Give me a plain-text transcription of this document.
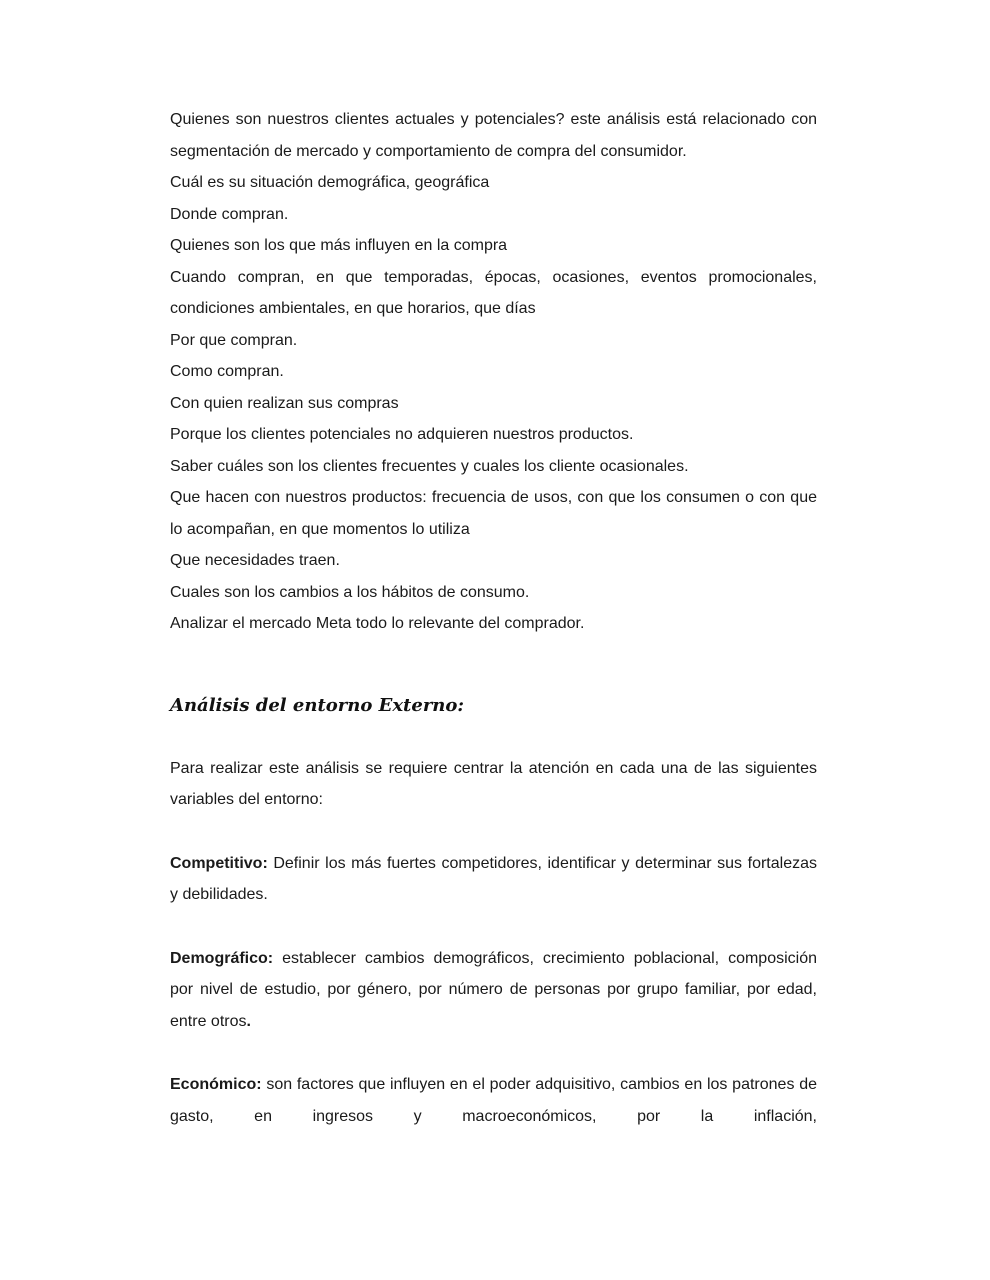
Quienes son nuestros clientes actuales y potenciales? este análisis está relacionado con segmentación de mercado y comportamiento de compra del consumidor.

Cuál es su situación demográfica, geográfica

Donde compran.

Quienes son los que más influyen en la compra

Cuando compran, en que temporadas, épocas, ocasiones, eventos promocionales, condiciones ambientales, en que horarios, que días

Por que compran.

Como compran.

Con quien realizan sus compras

Porque los clientes potenciales no adquieren nuestros productos.

Saber cuáles son los clientes frecuentes y cuales los cliente ocasionales.

Que hacen con nuestros productos: frecuencia de usos, con que los consumen o con que lo acompañan, en que momentos lo utiliza

Que necesidades traen.

Cuales son los cambios a los hábitos de consumo.

Analizar el mercado Meta todo lo relevante del comprador.

Análisis del entorno Externo:

Para realizar este análisis se requiere centrar la atención en cada una de las siguientes variables del entorno:

Competitivo: Definir los más fuertes competidores, identificar y determinar sus fortalezas y debilidades.

Demográfico: establecer cambios demográficos, crecimiento poblacional, composición por nivel de estudio, por género, por número de personas por grupo familiar, por edad, entre otros.

Económico: son factores que influyen en el poder adquisitivo, cambios en los patrones de gasto, en ingresos y macroeconómicos, por la inflación,
